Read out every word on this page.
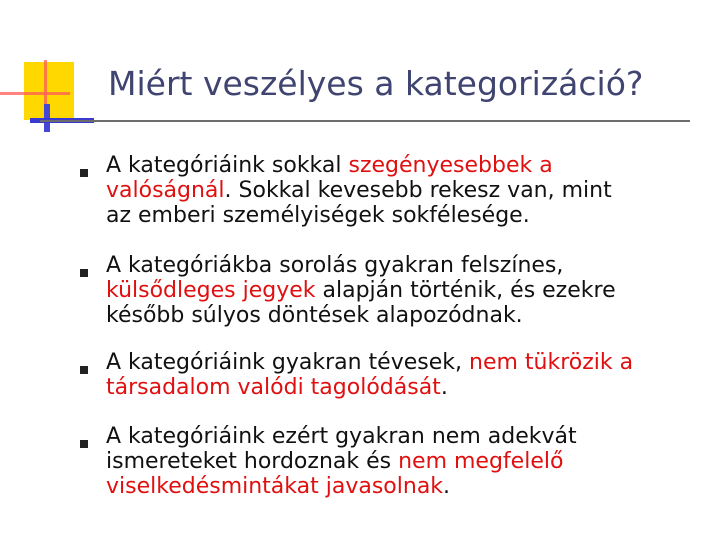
Miért veszélyes a kategorizáció?
A kategóriáink sokkal szegényesebbek a
valóságnál. Sokkal kevesebb rekesz van, mint
az emberi személyiségek sokfélesége.
A kategóriákba sorolás gyakran felszínes,
külsődleges jegyek alapján történik, és ezekre
később súlyos döntések alapozódnak.
A kategóriáink gyakran tévesek, nem tükrözik a
társadalom valódi tagolódását.
A kategóriáink ezért gyakran nem adekvát
ismereteket hordoznak és nem megfelelő
viselkedésmintákat javasolnak.
